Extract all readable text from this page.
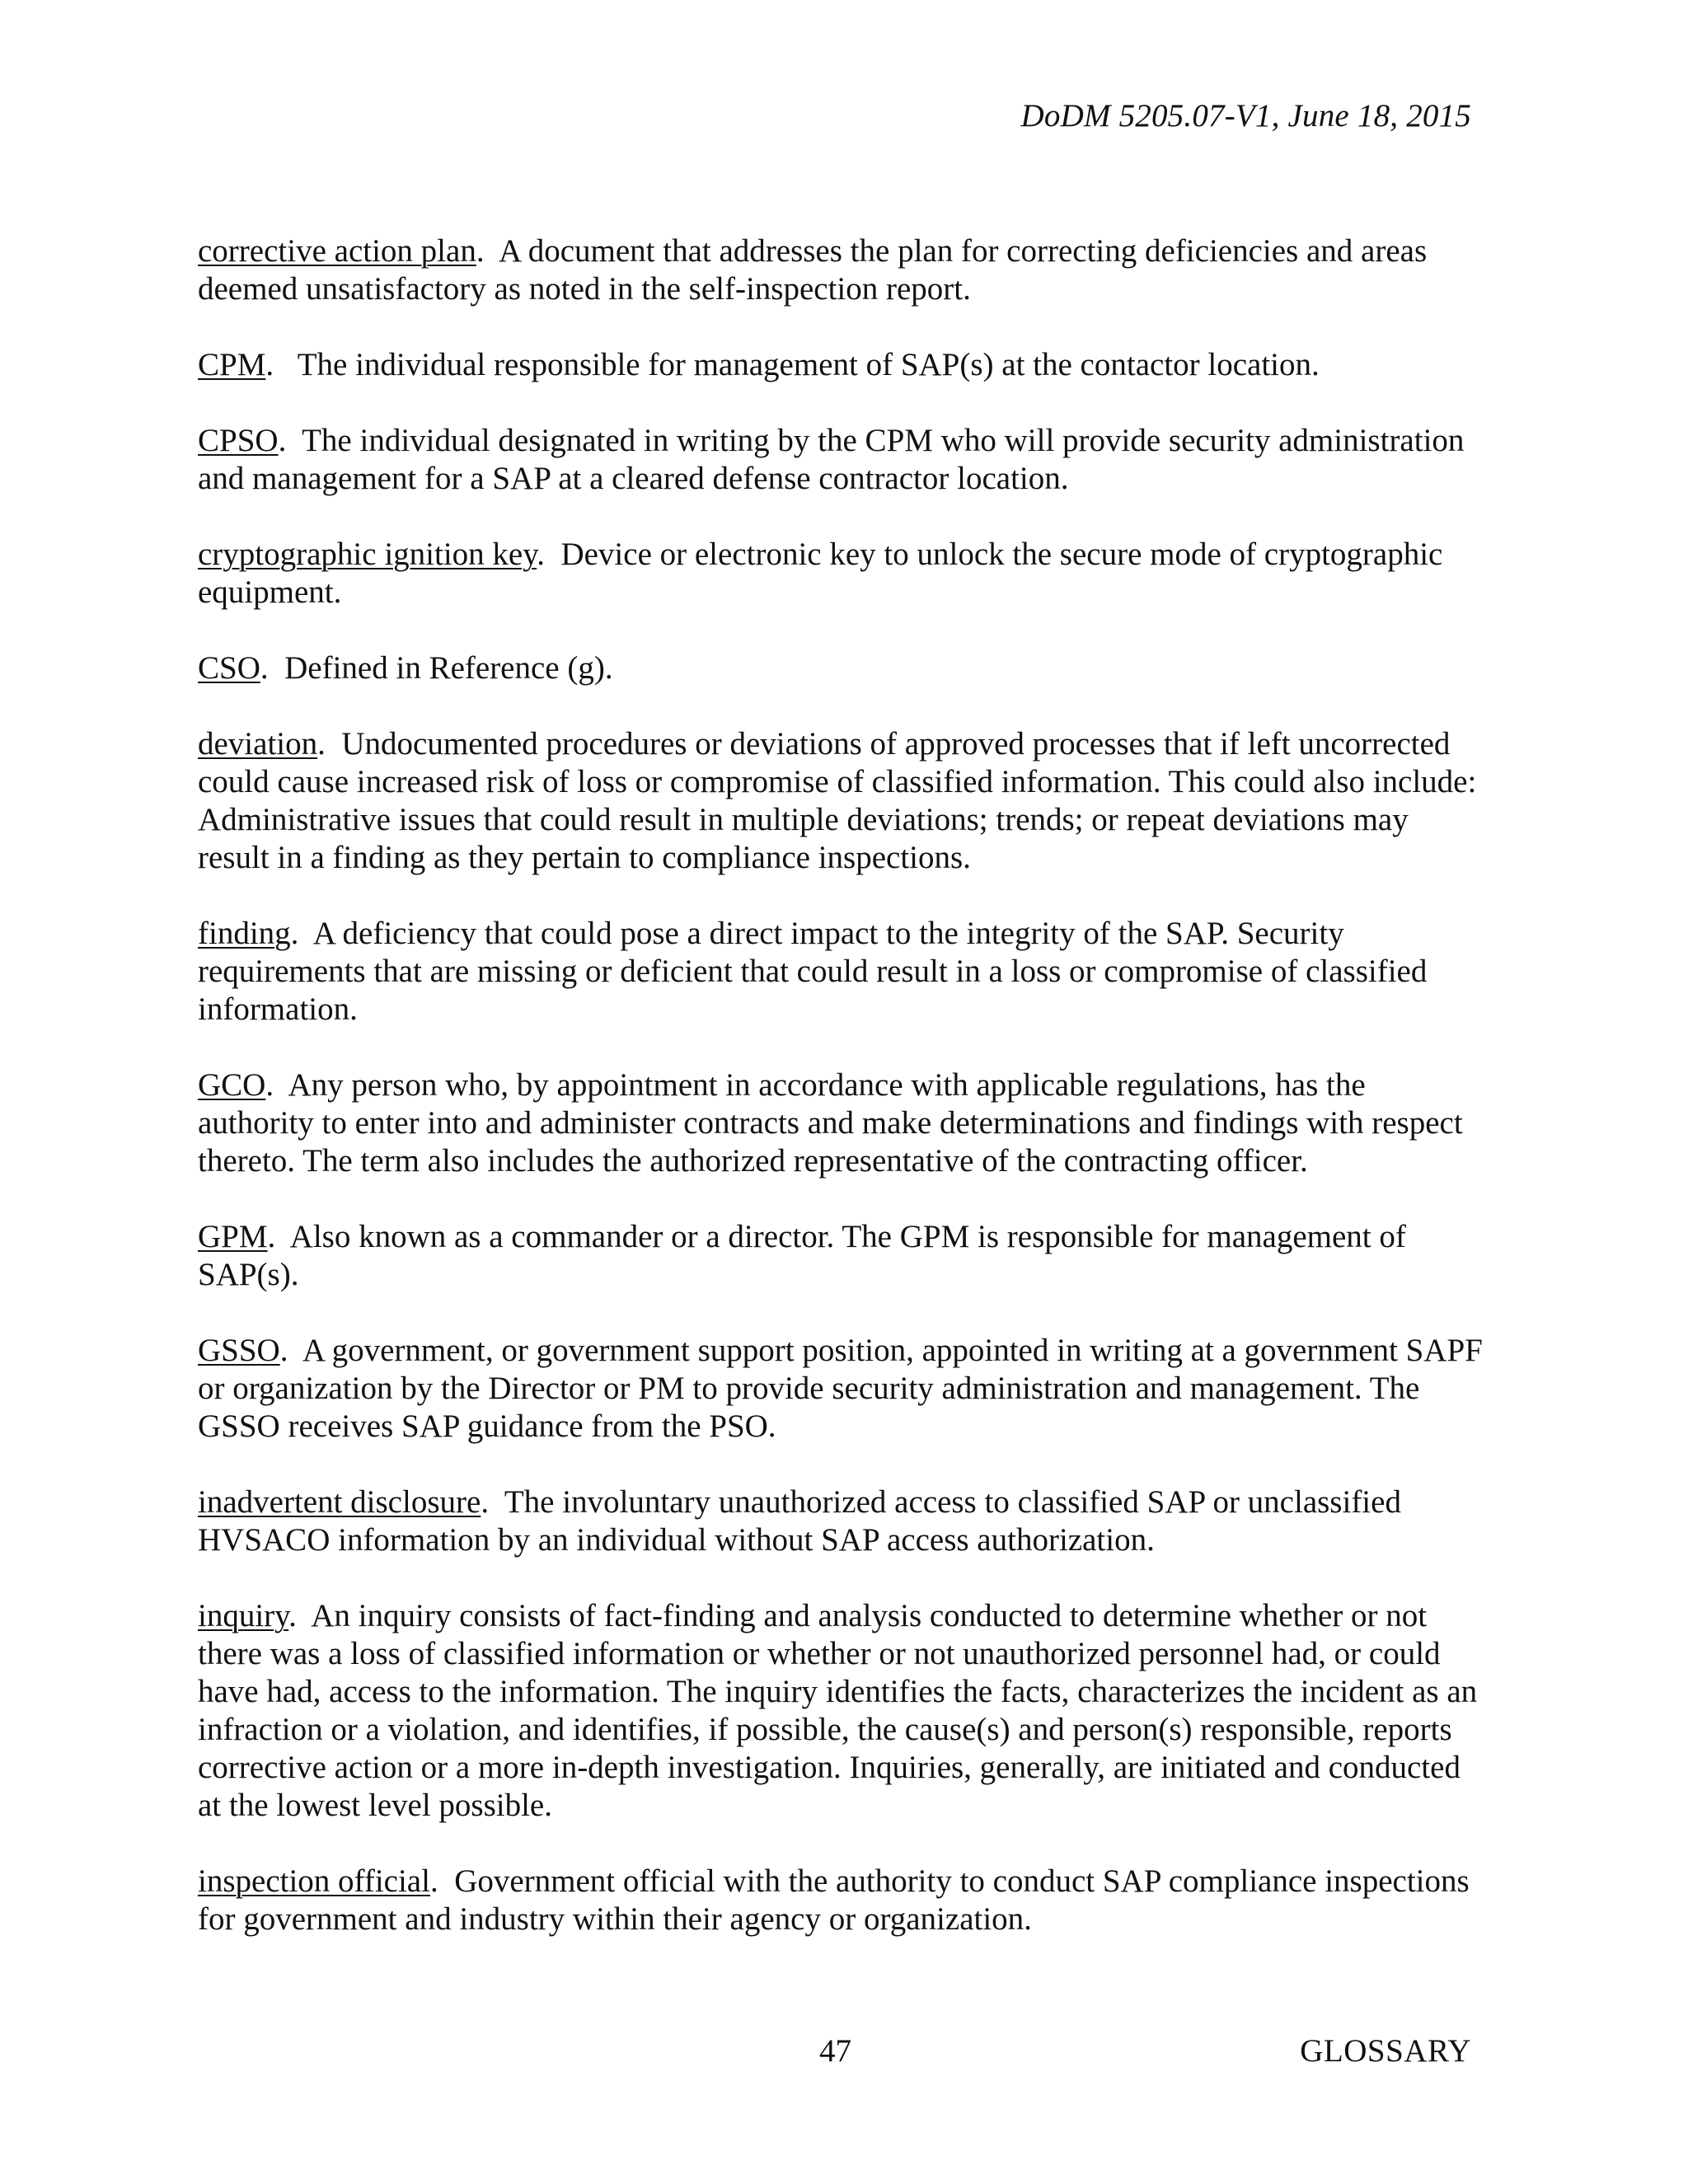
DoDM 5205.07-V1, June 18, 2015

corrective action plan.  A document that addresses the plan for correcting deficiencies and areas deemed unsatisfactory as noted in the self-inspection report.

CPM.   The individual responsible for management of SAP(s) at the contactor location.

CPSO.  The individual designated in writing by the CPM who will provide security administration and management for a SAP at a cleared defense contractor location.

cryptographic ignition key.  Device or electronic key to unlock the secure mode of cryptographic equipment.

CSO.  Defined in Reference (g).

deviation.  Undocumented procedures or deviations of approved processes that if left uncorrected could cause increased risk of loss or compromise of classified information. This could also include: Administrative issues that could result in multiple deviations; trends; or repeat deviations may result in a finding as they pertain to compliance inspections.

finding.  A deficiency that could pose a direct impact to the integrity of the SAP. Security requirements that are missing or deficient that could result in a loss or compromise of classified information.

GCO.  Any person who, by appointment in accordance with applicable regulations, has the authority to enter into and administer contracts and make determinations and findings with respect thereto. The term also includes the authorized representative of the contracting officer.

GPM.  Also known as a commander or a director. The GPM is responsible for management of SAP(s).

GSSO.  A government, or government support position, appointed in writing at a government SAPF or organization by the Director or PM to provide security administration and management. The GSSO receives SAP guidance from the PSO.

inadvertent disclosure.  The involuntary unauthorized access to classified SAP or unclassified HVSACO information by an individual without SAP access authorization.

inquiry.  An inquiry consists of fact-finding and analysis conducted to determine whether or not there was a loss of classified information or whether or not unauthorized personnel had, or could have had, access to the information. The inquiry identifies the facts, characterizes the incident as an infraction or a violation, and identifies, if possible, the cause(s) and person(s) responsible, reports corrective action or a more in-depth investigation. Inquiries, generally, are initiated and conducted at the lowest level possible.

inspection official.  Government official with the authority to conduct SAP compliance inspections for government and industry within their agency or organization.

47	GLOSSARY
